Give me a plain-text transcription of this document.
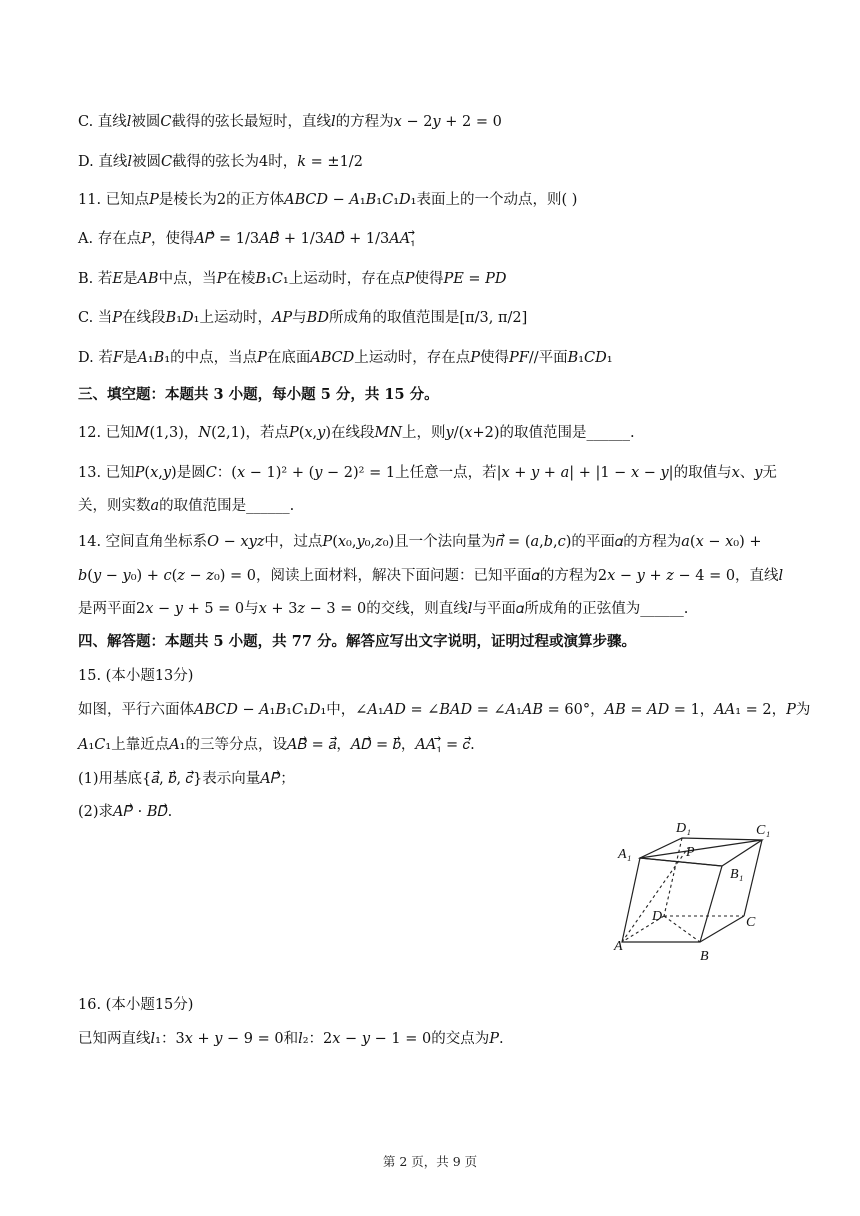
C. 直线𝑙被圆𝐶截得的弦长最短时，直线𝑙的方程为𝑥 − 2𝑦 + 2 = 0
D. 直线𝑙被圆𝐶截得的弦长为4时，𝑘 = ±1/2
11. 已知点𝑃是棱长为2的正方体𝐴𝐵𝐶𝐷 − 𝐴₁𝐵₁𝐶₁𝐷₁表面上的一个动点，则( )
A. 存在点𝑃，使得𝐴𝑃⃗ = 1/3𝐴𝐵⃗ + 1/3𝐴𝐷⃗ + 1/3𝐴𝐴₁⃗
B. 若𝐸是𝐴𝐵中点，当𝑃在棱𝐵₁𝐶₁上运动时，存在点𝑃使得𝑃𝐸 = 𝑃𝐷
C. 当𝑃在线段𝐵₁𝐷₁上运动时，𝐴𝑃与𝐵𝐷所成角的取值范围是[π/3, π/2]
D. 若𝐹是𝐴₁𝐵₁的中点，当点𝑃在底面𝐴𝐵𝐶𝐷上运动时，存在点𝑃使得𝑃𝐹//平面𝐵₁𝐶𝐷₁
三、填空题：本题共 3 小题，每小题 5 分，共 15 分。
12. 已知𝑀(1,3)，𝑁(2,1)，若点𝑃(𝑥,𝑦)在线段𝑀𝑁上，则𝑦/(𝑥+2)的取值范围是______.
13. 已知𝑃(𝑥,𝑦)是圆𝐶：(𝑥 − 1)² + (𝑦 − 2)² = 1上任意一点，若|𝑥 + 𝑦 + 𝑎| + |1 − 𝑥 − 𝑦|的取值与𝑥、𝑦无
关，则实数𝑎的取值范围是______.
14. 空间直角坐标系𝑂 − 𝑥𝑦𝑧中，过点𝑃(𝑥₀,𝑦₀,𝑧₀)且一个法向量为𝑛⃗ = (𝑎,𝑏,𝑐)的平面𝛼的方程为𝑎(𝑥 − 𝑥₀) +
𝑏(𝑦 − 𝑦₀) + 𝑐(𝑧 − 𝑧₀) = 0，阅读上面材料，解决下面问题：已知平面𝛼的方程为2𝑥 − 𝑦 + 𝑧 − 4 = 0，直线𝑙
是两平面2𝑥 − 𝑦 + 5 = 0与𝑥 + 3𝑧 − 3 = 0的交线，则直线𝑙与平面𝛼所成角的正弦值为______.
四、解答题：本题共 5 小题，共 77 分。解答应写出文字说明，证明过程或演算步骤。
15. (本小题13分)
如图，平行六面体𝐴𝐵𝐶𝐷 − 𝐴₁𝐵₁𝐶₁𝐷₁中，∠𝐴₁𝐴𝐷 = ∠𝐵𝐴𝐷 = ∠𝐴₁𝐴𝐵 = 60°，𝐴𝐵 = 𝐴𝐷 = 1，𝐴𝐴₁ = 2，𝑃为
𝐴₁𝐶₁上靠近点𝐴₁的三等分点，设𝐴𝐵⃗ = 𝑎⃗，𝐴𝐷⃗ = 𝑏⃗，𝐴𝐴₁⃗ = 𝑐⃗.
(1)用基底{𝑎⃗, 𝑏⃗, 𝑐⃗}表示向量𝐴𝑃⃗；
(2)求𝐴𝑃⃗ · 𝐵𝐷⃗.
D₁	C₁
A₁	P
B₁
D	C
A
B
16. (本小题15分)
已知两直线𝑙₁：3𝑥 + 𝑦 − 9 = 0和𝑙₂：2𝑥 − 𝑦 − 1 = 0的交点为𝑃.
第 2 页，共 9 页
